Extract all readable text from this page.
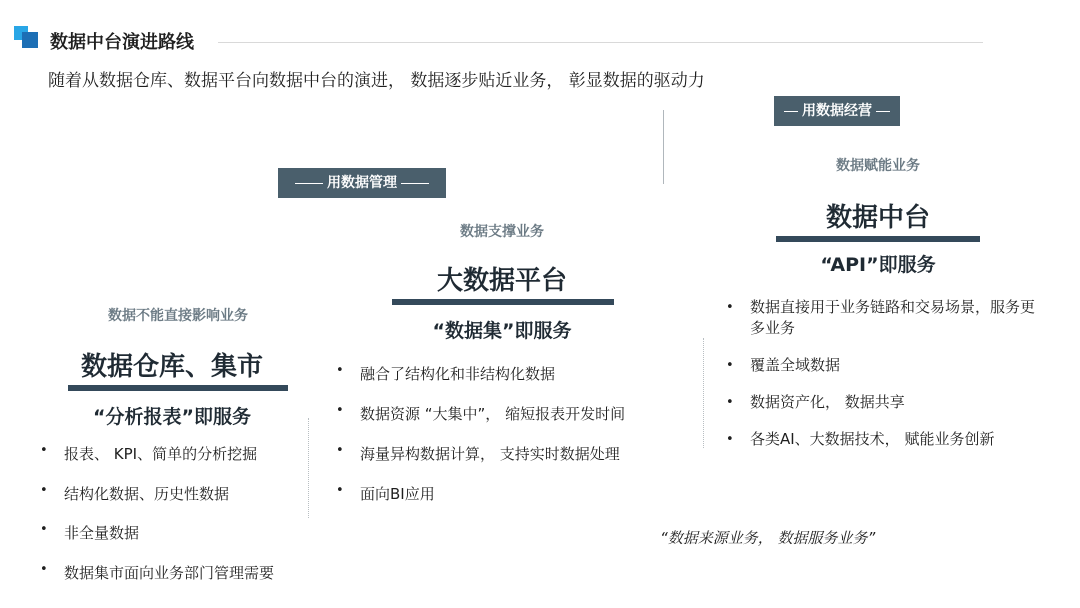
数据中台演进路线
随着从数据仓库、数据平台向数据中台的演进， 数据逐步贴近业务， 彰显数据的驱动力
用数据管理
用数据经营
数据不能直接影响业务
数据仓库、集市
“分析报表”即服务
• 报表、 KPI、简单的分析挖掘
• 结构化数据、历史性数据
• 非全量数据
• 数据集市面向业务部门管理需要
数据支撑业务
大数据平台
“数据集”即服务
• 融合了结构化和非结构化数据
• 数据资源 “大集中”， 缩短报表开发时间
• 海量异构数据计算， 支持实时数据处理
• 面向BI应用
数据赋能业务
数据中台
“API”即服务
• 数据直接用于业务链路和交易场景，服务更多业务
• 覆盖全域数据
• 数据资产化， 数据共享
• 各类AI、大数据技术， 赋能业务创新
“数据来源业务， 数据服务业务”
